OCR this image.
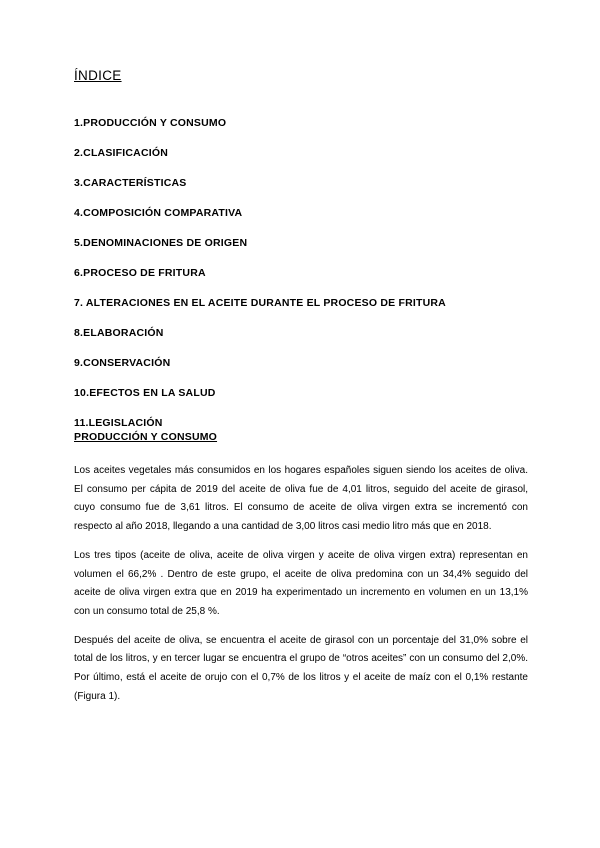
ÍNDICE
1.PRODUCCIÓN Y CONSUMO
2.CLASIFICACIÓN
3.CARACTERÍSTICAS
4.COMPOSICIÓN COMPARATIVA
5.DENOMINACIONES DE ORIGEN
6.PROCESO DE FRITURA
7. ALTERACIONES EN EL ACEITE DURANTE EL PROCESO DE FRITURA
8.ELABORACIÓN
9.CONSERVACIÓN
10.EFECTOS EN LA SALUD
11.LEGISLACIÓN
PRODUCCIÓN Y CONSUMO

Los aceites vegetales más consumidos en los hogares españoles siguen siendo los aceites de oliva. El consumo per cápita de 2019 del aceite de oliva fue de 4,01 litros, seguido del aceite de girasol, cuyo consumo fue de 3,61 litros. El consumo de aceite de oliva virgen extra se incrementó con respecto al año 2018, llegando a una cantidad de 3,00 litros casi medio litro más que en 2018.

Los tres tipos (aceite de oliva, aceite de oliva virgen y aceite de oliva virgen extra) representan en volumen el 66,2% . Dentro de este grupo, el aceite de oliva predomina con un 34,4% seguido del aceite de oliva virgen extra que en 2019 ha experimentado un incremento en volumen en un 13,1% con un consumo total de 25,8 %.

Después del aceite de oliva, se encuentra el aceite de girasol con un porcentaje del 31,0% sobre el total de los litros, y en tercer lugar se encuentra el grupo de “otros aceites” con un consumo del 2,0%. Por último, está el aceite de orujo con el 0,7% de los litros y el aceite de maíz con el 0,1% restante (Figura 1).
